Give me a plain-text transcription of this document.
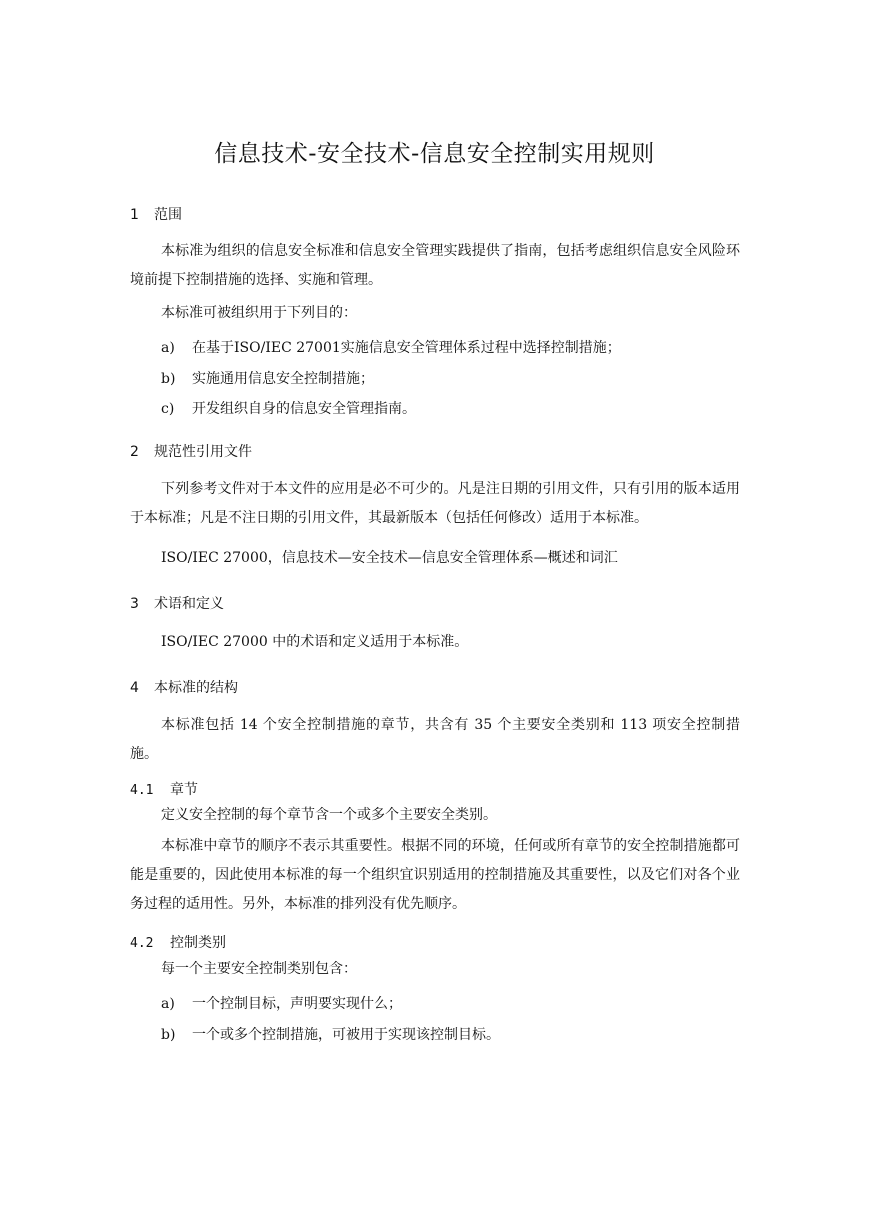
信息技术-安全技术-信息安全控制实用规则
1 范围
本标准为组织的信息安全标准和信息安全管理实践提供了指南，包括考虑组织信息安全风险环境前提下控制措施的选择、实施和管理。
本标准可被组织用于下列目的：
a) 在基于ISO/IEC 27001实施信息安全管理体系过程中选择控制措施；
b) 实施通用信息安全控制措施；
c) 开发组织自身的信息安全管理指南。
2 规范性引用文件
下列参考文件对于本文件的应用是必不可少的。凡是注日期的引用文件，只有引用的版本适用于本标准；凡是不注日期的引用文件，其最新版本（包括任何修改）适用于本标准。
ISO/IEC 27000，信息技术—安全技术—信息安全管理体系—概述和词汇
3 术语和定义
ISO/IEC 27000 中的术语和定义适用于本标准。
4 本标准的结构
本标准包括 14 个安全控制措施的章节，共含有 35 个主要安全类别和 113 项安全控制措施。
4.1 章节
定义安全控制的每个章节含一个或多个主要安全类别。
本标准中章节的顺序不表示其重要性。根据不同的环境，任何或所有章节的安全控制措施都可能是重要的，因此使用本标准的每一个组织宜识别适用的控制措施及其重要性，以及它们对各个业务过程的适用性。另外，本标准的排列没有优先顺序。
4.2 控制类别
每一个主要安全控制类别包含：
a) 一个控制目标，声明要实现什么；
b) 一个或多个控制措施，可被用于实现该控制目标。
